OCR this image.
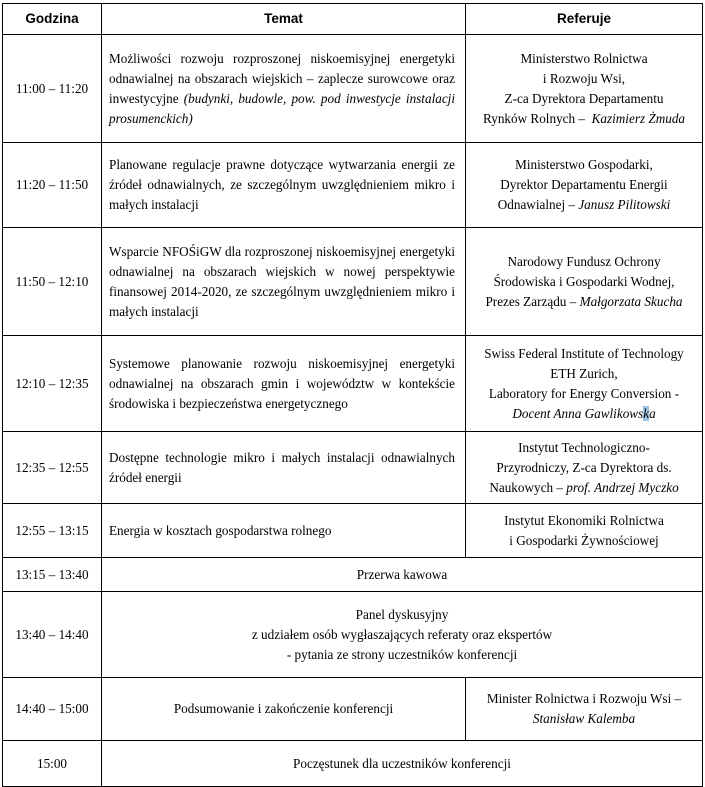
Godzina	Temat	Referuje
11:00 – 11:20	Możliwości rozwoju rozproszonej niskoemisyjnej energetyki odnawialnej na obszarach wiejskich – zaplecze surowcowe oraz inwestycyjne (budynki, budowle, pow. pod inwestycje instalacji prosumenckich)	Ministerstwo Rolnictwa
i Rozwoju Wsi,
Z-ca Dyrektora Departamentu
Rynków Rolnych – Kazimierz Żmuda

11:20 – 11:50	Planowane regulacje prawne dotyczące wytwarzania energii ze źródeł odnawialnych, ze szczególnym uwzględnieniem mikro i małych instalacji	Ministerstwo Gospodarki,
Dyrektor Departamentu Energii
Odnawialnej – Janusz Pilitowski

11:50 – 12:10	Wsparcie NFOŚiGW dla rozproszonej niskoemisyjnej energetyki odnawialnej na obszarach wiejskich w nowej perspektywie finansowej 2014-2020, ze szczególnym uwzględnieniem mikro i małych instalacji	Narodowy Fundusz Ochrony
Środowiska i Gospodarki Wodnej,
Prezes Zarządu – Małgorzata Skucha

12:10 – 12:35	Systemowe planowanie rozwoju niskoemisyjnej energetyki odnawialnej na obszarach gmin i województw w kontekście środowiska i bezpieczeństwa energetycznego	Swiss Federal Institute of Technology
ETH Zurich,
Laboratory for Energy Conversion -
Docent Anna Gawlikowska

12:35 – 12:55	Dostępne technologie mikro i małych instalacji odnawialnych źródeł energii	Instytut Technologiczno-
Przyrodniczy, Z-ca Dyrektora ds.
Naukowych – prof. Andrzej Myczko

12:55 – 13:15	Energia w kosztach gospodarstwa rolnego	Instytut Ekonomiki Rolnictwa
i Gospodarki Żywnościowej

13:15 – 13:40	Przerwa kawowa	
13:40 – 14:40	Panel dyskusyjny
z udziałem osób wygłaszających referaty oraz ekspertów
- pytania ze strony uczestników konferencji	

14:40 – 15:00	Podsumowanie i zakończenie konferencji	Minister Rolnictwa i Rozwoju Wsi –
Stanisław Kalemba

15:00	Poczęstunek dla uczestników konferencji	
